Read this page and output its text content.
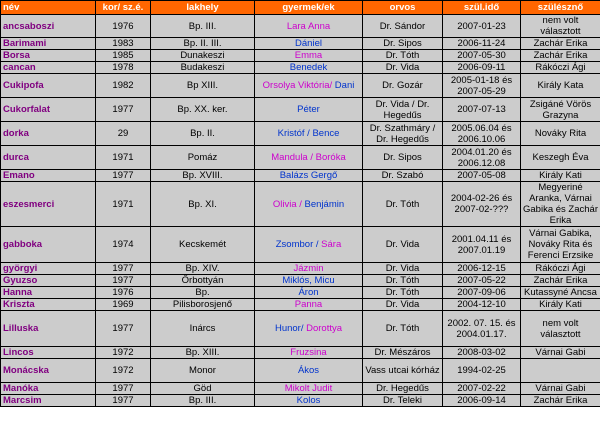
név	kor/ sz.é.	lakhely	gyermek/ek	orvos	szül.idő	szülésznő
ancsaboszi	1976	Bp. III.	Lara Anna	Dr. Sándor	2007-01-23	nem volt választott
Barimami	1983	Bp. II. III.	Dániel	Dr. Sipos	2006-11-24	Zachár Erika
Borsa	1985	Dunakeszi	Emma	Dr. Tóth	2007-05-30	Zachár Erika
cancan	1978	Budakeszi	Benedek	Dr. Vida	2006-09-11	Rákóczi Ági
Cukipofa	1982	Bp XIII.	Orsolya Viktória/ Dani	Dr. Gozár	2005-01-18 és 2007-05-29	Király Kata
Cukorfalat	1977	Bp. XX. ker.	Péter	Dr. Vida / Dr. Hegedűs	2007-07-13	Zsigáné Vörös Grazyna
dorka	29	Bp. II.	Kristóf / Bence	Dr. Szathmáry / Dr. Hegedűs	2005.06.04 és 2006.10.06	Nováky Rita
durca	1971	Pomáz	Mandula / Boróka	Dr. Sipos	2004.01.20 és 2006.12.08	Keszegh Éva
Emano	1977	Bp. XVIII.	Balázs Gergő	Dr. Szabó	2007-05-08	Király Kati
eszesmerci	1971	Bp. XI.	Olivia / Benjámin	Dr. Tóth	2004-02-26 és 2007-02-???	Megyeriné Aranka, Várnai Gabika és Zachár Erika
gabboka	1974	Kecskemét	Zsombor / Sára	Dr. Vida	2001.04.11 és 2007.01.19	Várnai Gabika, Novákу Rita és Ferenci Erzsike
györgyi	1977	Bp. XIV.	Jázmin	Dr. Vida	2006-12-15	Rákóczi Ági
Gyuzso	1977	Őrbottyán	Miklós, Micu	Dr. Tóth	2007-05-22	Zachár Erika
Hanna	1976	Bp.	Áron	Dr. Tóth	2007-09-06	Kutassyné Ancsa
Kriszta	1969	Pilisborosjenő	Panna	Dr. Vida	2004-12-10	Király Kati
Lilluska	1977	Inárcs	Hunor/ Dorottya	Dr. Tóth	2002. 07. 15. és 2004.01.17.	nem volt választott
Lincos	1972	Bp. XIII.	Fruzsina	Dr. Mészáros	2008-03-02	Várnai Gabi
Monácska	1972	Monor	Ákos	Vass utcai kórház	1994-02-25	
Manóka	1977	Göd	Mikolt Judit	Dr. Hegedűs	2007-02-22	Várnai Gabi
Marcsim	1977	Bp. III.	Kolos	Dr. Teleki	2006-09-14	Zachár Erika
